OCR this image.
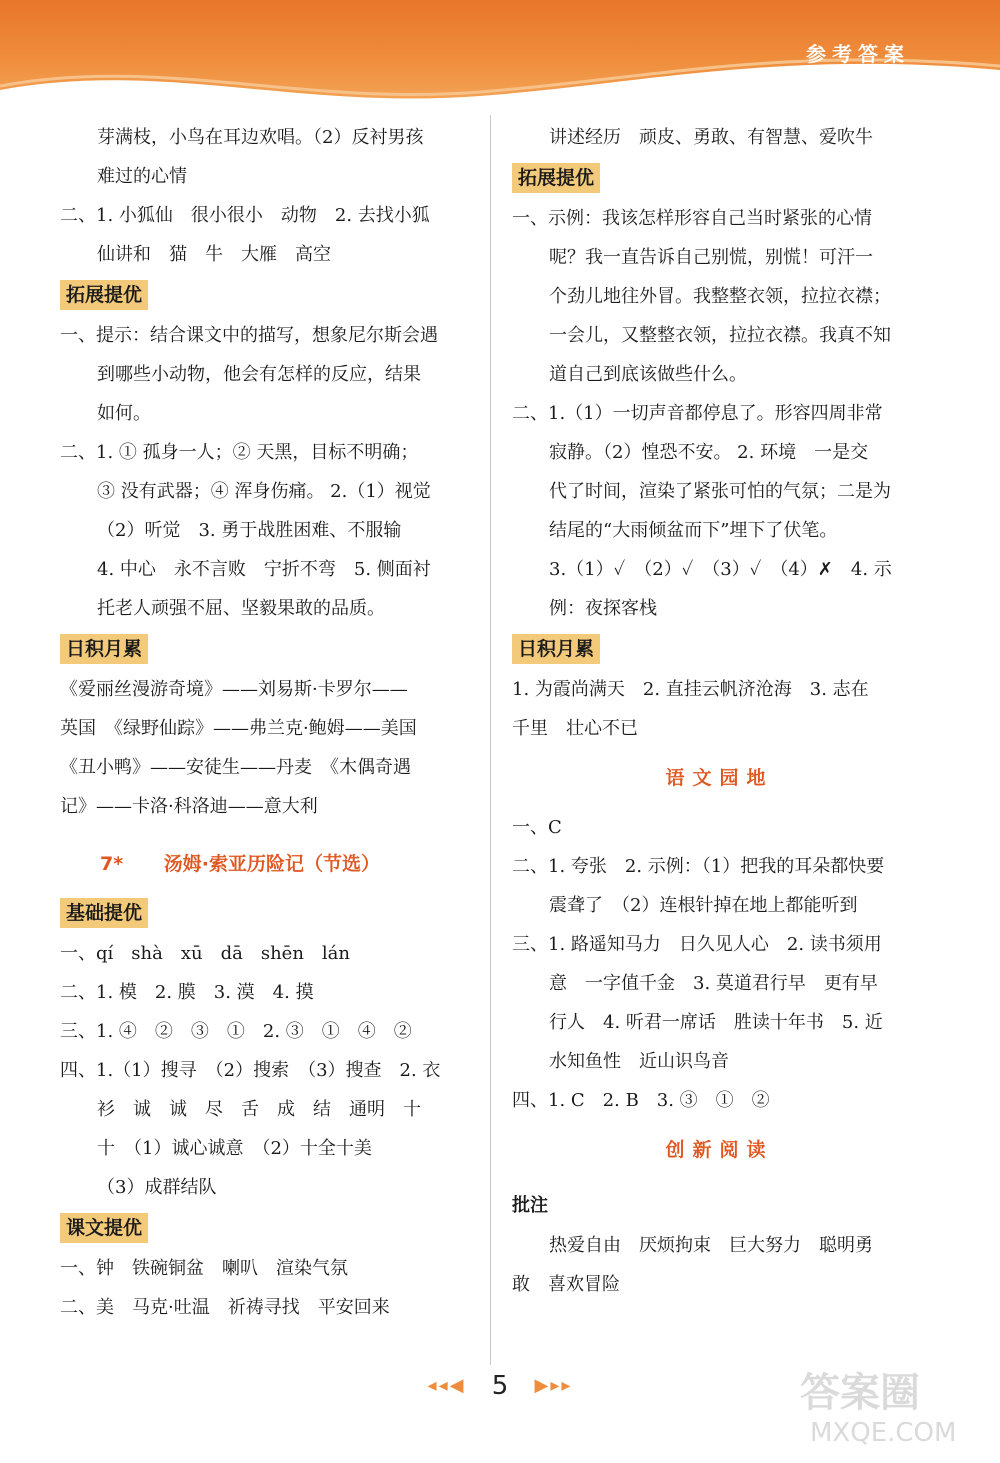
参考答案
芽满枝，小鸟在耳边欢唱。（2）反衬男孩
难过的心情
二、1. 小狐仙　很小很小　动物　2. 去找小狐
仙讲和　猫　牛　大雁　高空
拓展提优
一、提示：结合课文中的描写，想象尼尔斯会遇
到哪些小动物，他会有怎样的反应，结果
如何。
二、1. ① 孤身一人；② 天黑，目标不明确；
③ 没有武器；④ 浑身伤痛。 2.（1）视觉
（2）听觉　3. 勇于战胜困难、不服输
4. 中心　永不言败　宁折不弯　5. 侧面衬
托老人顽强不屈、坚毅果敢的品质。
日积月累
《爱丽丝漫游奇境》——刘易斯·卡罗尔——
英国　《绿野仙踪》——弗兰克·鲍姆——美国
《丑小鸭》——安徒生——丹麦　《木偶奇遇
记》——卡洛·科洛迪——意大利
7* 汤姆·索亚历险记（节选）
基础提优
一、qí　shà　xū　dā　shēn　lán
二、1. 模　2. 膜　3. 漠　4. 摸
三、1. ④　②　③　①　2. ③　①　④　②
四、1.（1）搜寻　（2）搜索　（3）搜查　2. 衣
衫　诚　诚　尽　舌　成　结　通明　十
十　（1）诚心诚意　（2）十全十美
（3）成群结队
课文提优
一、钟　铁碗铜盆　喇叭　渲染气氛
二、美　马克·吐温　祈祷寻找　平安回来
讲述经历　顽皮、勇敢、有智慧、爱吹牛
拓展提优
一、示例：我该怎样形容自己当时紧张的心情
呢？我一直告诉自己别慌，别慌！可汗一
个劲儿地往外冒。我整整衣领，拉拉衣襟；
一会儿，又整整衣领，拉拉衣襟。我真不知
道自己到底该做些什么。
二、1.（1）一切声音都停息了。形容四周非常
寂静。（2）惶恐不安。 2. 环境　一是交
代了时间，渲染了紧张可怕的气氛；二是为
结尾的“大雨倾盆而下”埋下了伏笔。
3.（1）✓　（2）✓　（3）✓　（4）✗　4. 示
例：夜探客栈
日积月累
1. 为霞尚满天　2. 直挂云帆济沧海　3. 志在
千里　壮心不已
语文园地
一、C
二、1. 夸张　2. 示例：（1）把我的耳朵都快要
震聋了　（2）连根针掉在地上都能听到
三、1. 路遥知马力　日久见人心　2. 读书须用
意　一字值千金　3. 莫道君行早　更有早
行人　4. 听君一席话　胜读十年书　5. 近
水知鱼性　近山识鸟音
四、1. C　2. B　3. ③　①　②
创新阅读
批注
热爱自由　厌烦拘束　巨大努力　聪明勇
敢　喜欢冒险
◂◂◀ 5 ▶▸▸	答案圈
MXQE.COM
